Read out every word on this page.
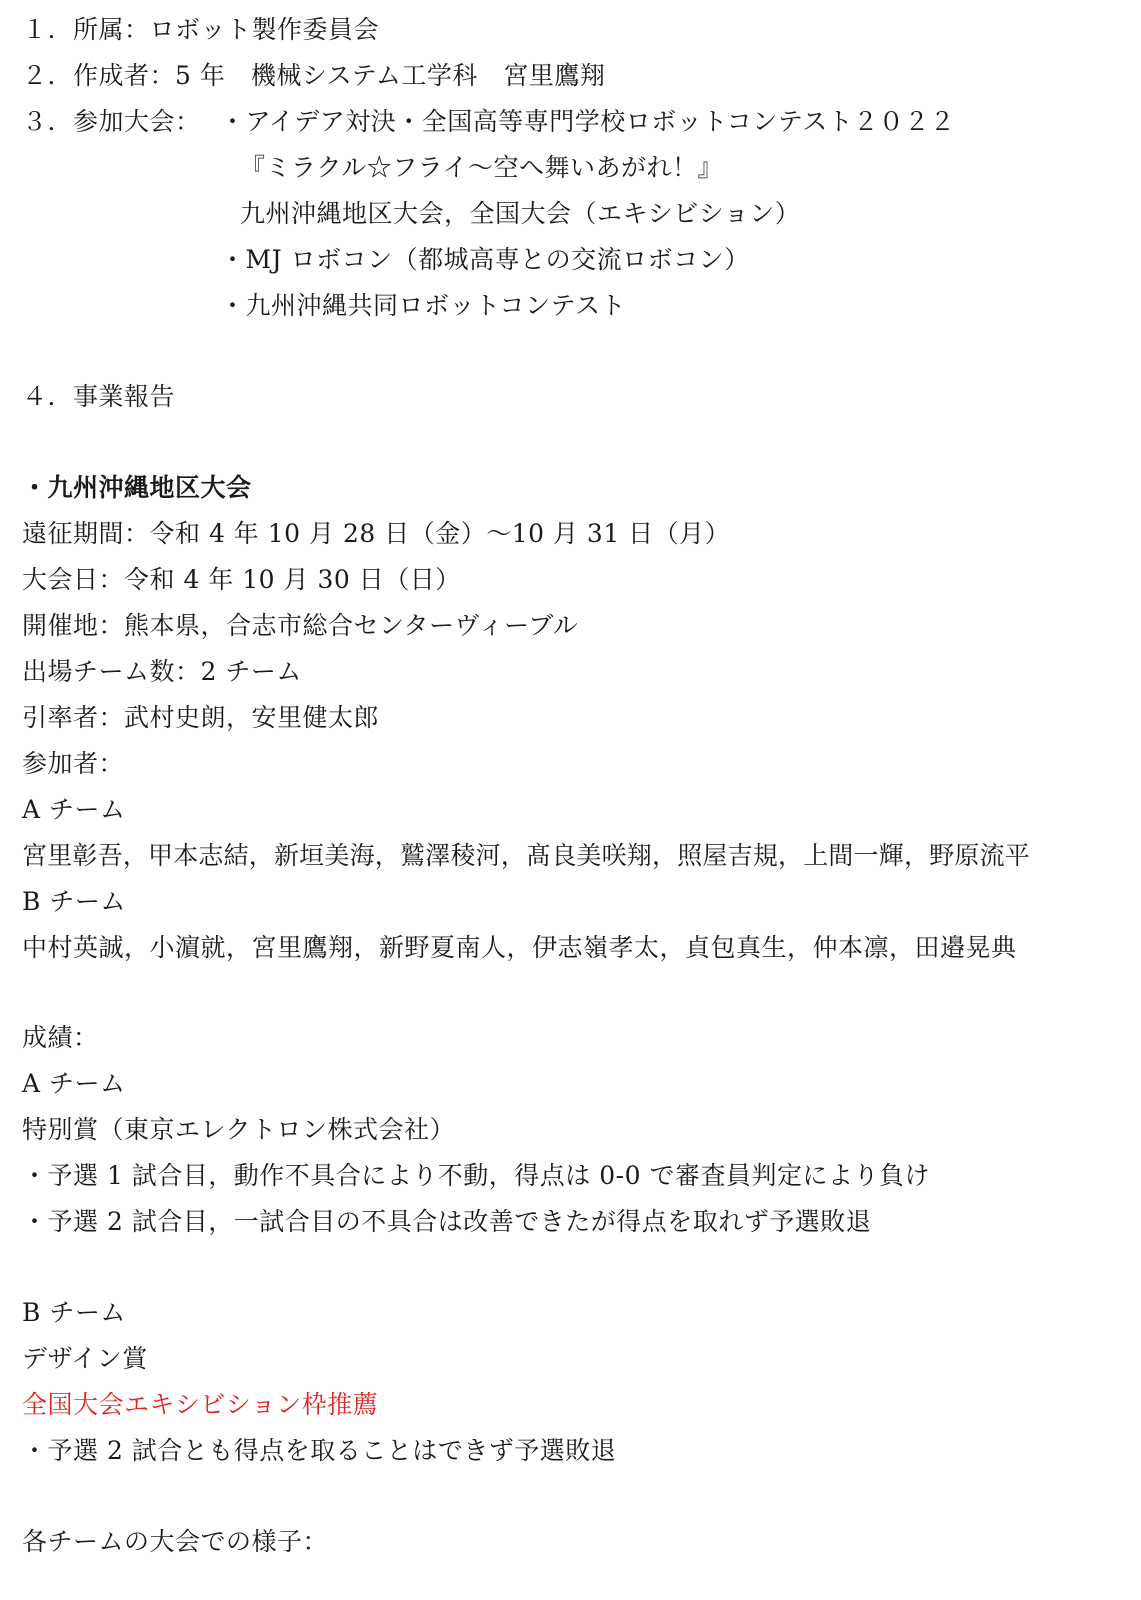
１．所属：ロボット製作委員会
２．作成者：5 年　機械システム工学科　宮里鷹翔
３．参加大会： ・アイデア対決・全国高等専門学校ロボットコンテスト２０２２
『ミラクル☆フライ～空へ舞いあがれ！』
九州沖縄地区大会，全国大会（エキシビション）
・MJ ロボコン（都城高専との交流ロボコン）
・九州沖縄共同ロボットコンテスト
４．事業報告
・九州沖縄地区大会
遠征期間：令和 4 年 10 月 28 日（金）～10 月 31 日（月）
大会日：令和 4 年 10 月 30 日（日）
開催地：熊本県，合志市総合センターヴィーブル
出場チーム数：2 チーム
引率者：武村史朗，安里健太郎
参加者：
A チーム
宮里彰吾，甲本志結，新垣美海，鷲澤稜河，髙良美咲翔，照屋吉規，上間一輝，野原流平
B チーム
中村英誠，小濵就，宮里鷹翔，新野夏南人，伊志嶺孝太，貞包真生，仲本凛，田邉晃典
成績：
A チーム
特別賞（東京エレクトロン株式会社）
・予選 1 試合目，動作不具合により不動，得点は 0-0 で審査員判定により負け
・予選 2 試合目，一試合目の不具合は改善できたが得点を取れず予選敗退
B チーム
デザイン賞
全国大会エキシビション枠推薦
・予選 2 試合とも得点を取ることはできず予選敗退
各チームの大会での様子：
